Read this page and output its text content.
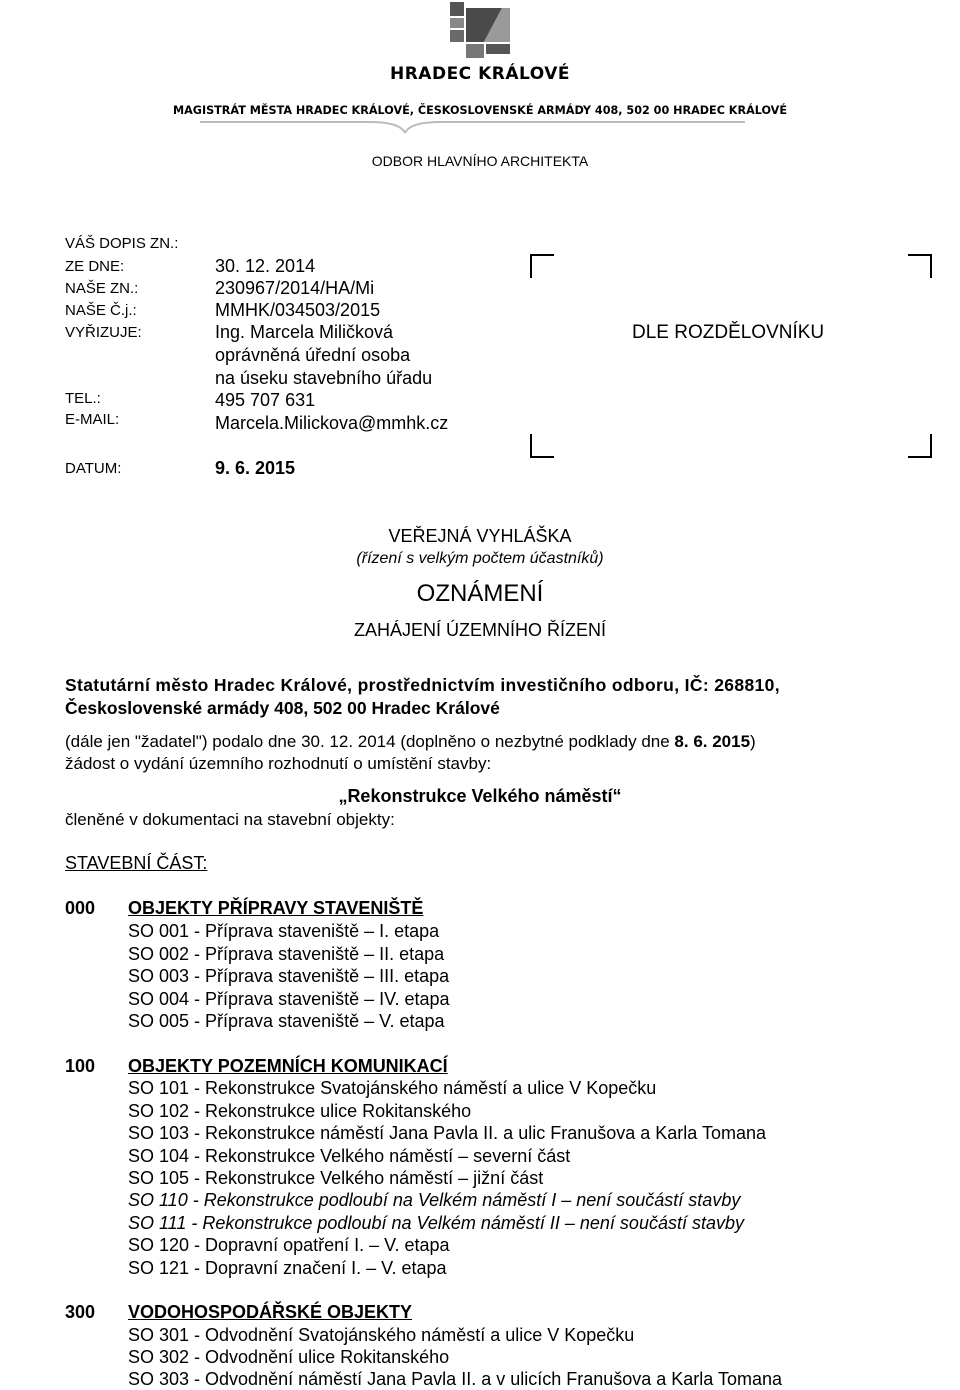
HRADEC KRÁLOVÉ
MAGISTRÁT MĚSTA HRADEC KRÁLOVÉ, ČESKOSLOVENSKÉ ARMÁDY 408, 502 00 HRADEC KRÁLOVÉ
ODBOR HLAVNÍHO ARCHITEKTA
VÁŠ DOPIS ZN.:
ZE DNE:	30. 12. 2014
NAŠE ZN.:	230967/2014/HA/Mi
NAŠE Č.j.:	MMHK/034503/2015
VYŘIZUJE:	Ing. Marcela Miličková
oprávněná úřední osoba
na úseku stavebního úřadu
TEL.:	495 707 631
E-MAIL:	Marcela.Milickova@mmhk.cz
DATUM:	9. 6. 2015
DLE ROZDĚLOVNÍKU
VEŘEJNÁ VYHLÁŠKA
(řízení s velkým počtem účastníků)
OZNÁMENÍ
ZAHÁJENÍ ÚZEMNÍHO ŘÍZENÍ
Statutární město Hradec Králové, prostřednictvím investičního odboru, IČ: 268810,
Československé armády 408, 502 00 Hradec Králové
(dále jen "žadatel") podalo dne 30. 12. 2014 (doplněno o nezbytné podklady dne 8. 6. 2015)
žádost o vydání územního rozhodnutí o umístění stavby:
„Rekonstrukce Velkého náměstí“
členěné v dokumentaci na stavební objekty:
STAVEBNÍ ČÁST:
000 OBJEKTY PŘÍPRAVY STAVENIŠTĚ
SO 001 - Příprava staveniště – I. etapa
SO 002 - Příprava staveniště – II. etapa
SO 003 - Příprava staveniště – III. etapa
SO 004 - Příprava staveniště – IV. etapa
SO 005 - Příprava staveniště – V. etapa
100 OBJEKTY POZEMNÍCH KOMUNIKACÍ
SO 101 - Rekonstrukce Svatojánského náměstí a ulice V Kopečku
SO 102 - Rekonstrukce ulice Rokitanského
SO 103 - Rekonstrukce náměstí Jana Pavla II. a ulic Franušova a Karla Tomana
SO 104 - Rekonstrukce Velkého náměstí – severní část
SO 105 - Rekonstrukce Velkého náměstí – jižní část
SO 110 - Rekonstrukce podloubí na Velkém náměstí I – není součástí stavby
SO 111 - Rekonstrukce podloubí na Velkém náměstí II – není součástí stavby
SO 120 - Dopravní opatření I. – V. etapa
SO 121 - Dopravní značení I. – V. etapa
300 VODOHOSPODÁŘSKÉ OBJEKTY
SO 301 - Odvodnění Svatojánského náměstí a ulice V Kopečku
SO 302 - Odvodnění ulice Rokitanského
SO 303 - Odvodnění náměstí Jana Pavla II. a v ulicích Franušova a Karla Tomana
